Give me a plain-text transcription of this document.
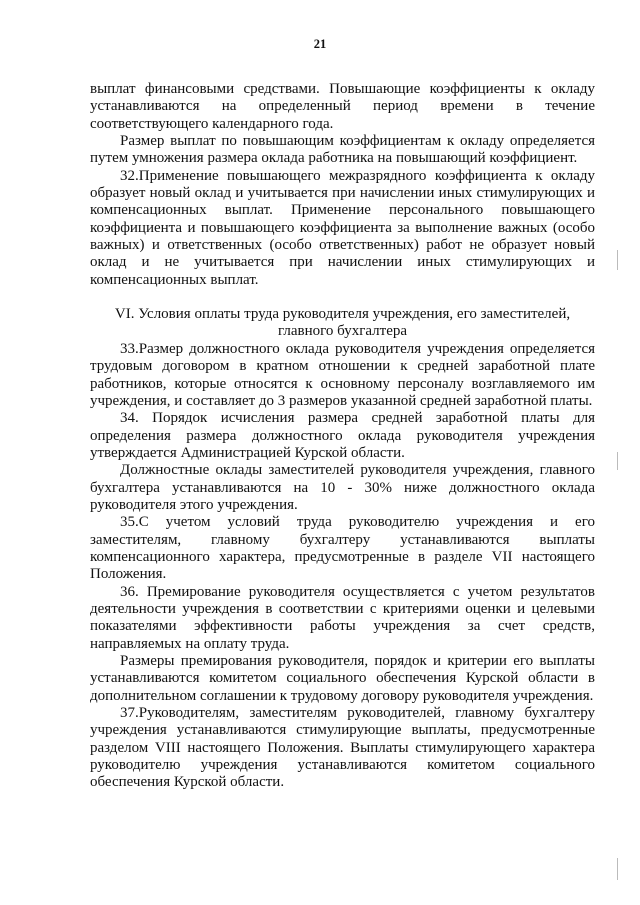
21

выплат финансовыми средствами. Повышающие коэффициенты к окладу устанавливаются на определенный период времени в течение соответствующего календарного года.

Размер выплат по повышающим коэффициентам к окладу определяется путем умножения размера оклада работника на повышающий коэффициент.

32.Применение повышающего межразрядного коэффициента к окладу образует новый оклад и учитывается при начислении иных стимулирующих и компенсационных выплат. Применение персонального повышающего коэффициента и повышающего коэффициента за выполнение важных (особо важных) и ответственных (особо ответственных) работ не образует новый оклад и не учитывается при начислении иных стимулирующих и компенсационных выплат.

VI. Условия оплаты труда руководителя учреждения, его заместителей, главного бухгалтера

33.Размер должностного оклада руководителя учреждения определяется трудовым договором в кратном отношении к средней заработной плате работников, которые относятся к основному персоналу возглавляемого им учреждения, и составляет до 3 размеров указанной средней заработной платы.

34. Порядок исчисления размера средней заработной платы для определения размера должностного оклада руководителя учреждения утверждается Администрацией Курской области.

Должностные оклады заместителей руководителя учреждения, главного бухгалтера устанавливаются на 10 - 30% ниже должностного оклада руководителя этого учреждения.

35.С учетом условий труда руководителю учреждения и его заместителям, главному бухгалтеру устанавливаются выплаты компенсационного характера, предусмотренные в разделе VII настоящего Положения.

36. Премирование руководителя осуществляется с учетом результатов деятельности учреждения в соответствии с критериями оценки и целевыми показателями эффективности работы учреждения за счет средств, направляемых на оплату труда.

Размеры премирования руководителя, порядок и критерии его выплаты устанавливаются комитетом социального обеспечения Курской области в дополнительном соглашении к трудовому договору руководителя учреждения.

37.Руководителям, заместителям руководителей, главному бухгалтеру учреждения устанавливаются стимулирующие выплаты, предусмотренные разделом VIII настоящего Положения. Выплаты стимулирующего характера руководителю учреждения устанавливаются комитетом социального обеспечения Курской области.
